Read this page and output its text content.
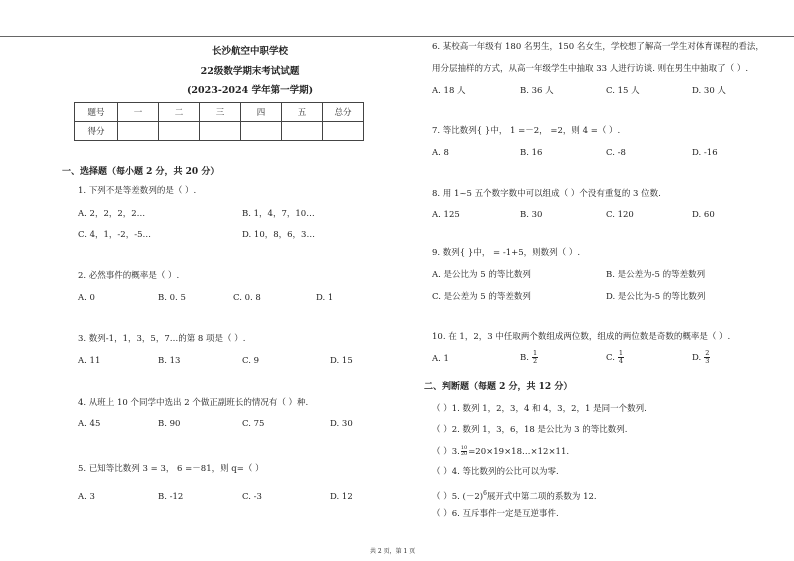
长沙航空中职学校
22级数学期末考试试题
(2023-2024 学年第一学期)
题号	一	二	三	四	五	总分
得分						
一、选择题（每小题 2 分，共 20 分）
1. 下列不是等差数列的是（ ）.
A. 2，2，2，2…	B. 1，4，7，10…
C. 4，1，-2，-5…	D. 10，8，6，3…
2. 必然事件的概率是（ ）.
A. 0	B. 0. 5	C. 0. 8	D. 1
3. 数列-1，1，3，5，7…的第 8 项是（ ）.
A. 11	B. 13	C. 9	D. 15
4. 从班上 10 个同学中选出 2 个做正副班长的情况有（ ）种.
A. 45	B. 90	C. 75	D. 30
5. 已知等比数列 3 = 3， 6 =－81，则 q=（ ）
A. 3	B. -12	C. -3	D. 12
6. 某校高一年级有 180 名男生，150 名女生，学校想了解高一学生对体育课程的看法，
用分层抽样的方式，从高一年级学生中抽取 33 人进行访谈. 则在男生中抽取了（ ）.
A. 18 人	B. 36 人	C. 15 人	D. 30 人
7. 等比数列{ }中， 1 =－2， =2，则 4 =（ ）.
A. 8	B. 16	C. -8	D. -16
8. 用 1~5 五个数字数中可以组成（ ）个没有重复的 3 位数.
A. 125	B. 30	C. 120	D. 60
9. 数列{ }中， = -1+5，则数列（ ）.
A. 是公比为 5 的等比数列	B. 是公差为-5 的等差数列
C. 是公差为 5 的等差数列	D. 是公比为-5 的等比数列
10. 在 1，2，3 中任取两个数组成两位数，组成的两位数是奇数的概率是（ ）.
A. 1	B. $\frac{1}{2}$	C. $\frac{1}{4}$	D. $\frac{2}{3}$
二、判断题（每题 2 分，共 12 分）
（ ）1. 数列 1，2，3，4 和 4，3，2，1 是同一个数列.
（ ）2. 数列 1，3，6，18 是公比为 3 的等比数列.
（ ）3. $\frac{10}{20}=20\times 19\times 18\dots\times 12\times 11$.
（ ）4. 等比数列的公比可以为零.
（ ）5. $(-2)^6$展开式中第二项的系数为 12.
（ ）6. 互斥事件一定是互逆事件.
共 2 页，第 1 页
